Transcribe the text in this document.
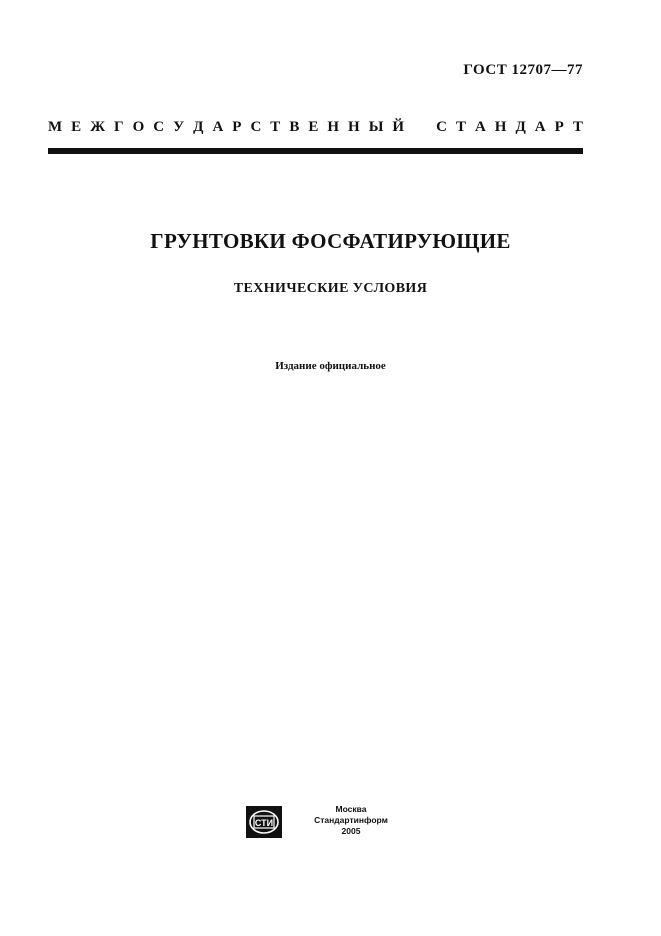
ГОСТ 12707—77
М Е Ж Г О С У Д А Р С Т В Е Н Н Ы Й С Т А Н Д А Р Т
ГРУНТОВКИ ФОСФАТИРУЮЩИЕ
ТЕХНИЧЕСКИЕ УСЛОВИЯ
Издание официальное
СТИ
Москва
Стандартинформ
2005
